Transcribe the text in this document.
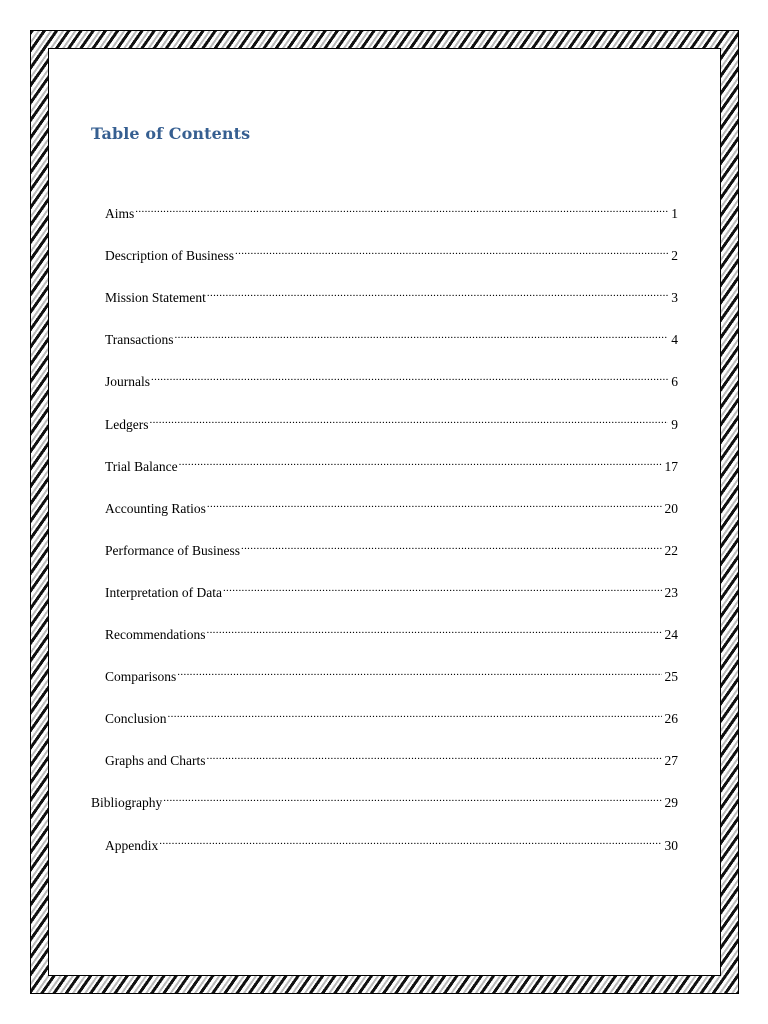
Table of Contents
Aims .....	1
Description of Business .....	2
Mission Statement .....	3
Transactions .....	4
Journals .....	6
Ledgers .....	9
Trial Balance .....	17
Accounting Ratios .....	20
Performance of Business .....	22
Interpretation of Data .....	23
Recommendations .....	24
Comparisons .....	25
Conclusion .....	26
Graphs and Charts .....	27
Bibliography .....	29
Appendix .....	30
